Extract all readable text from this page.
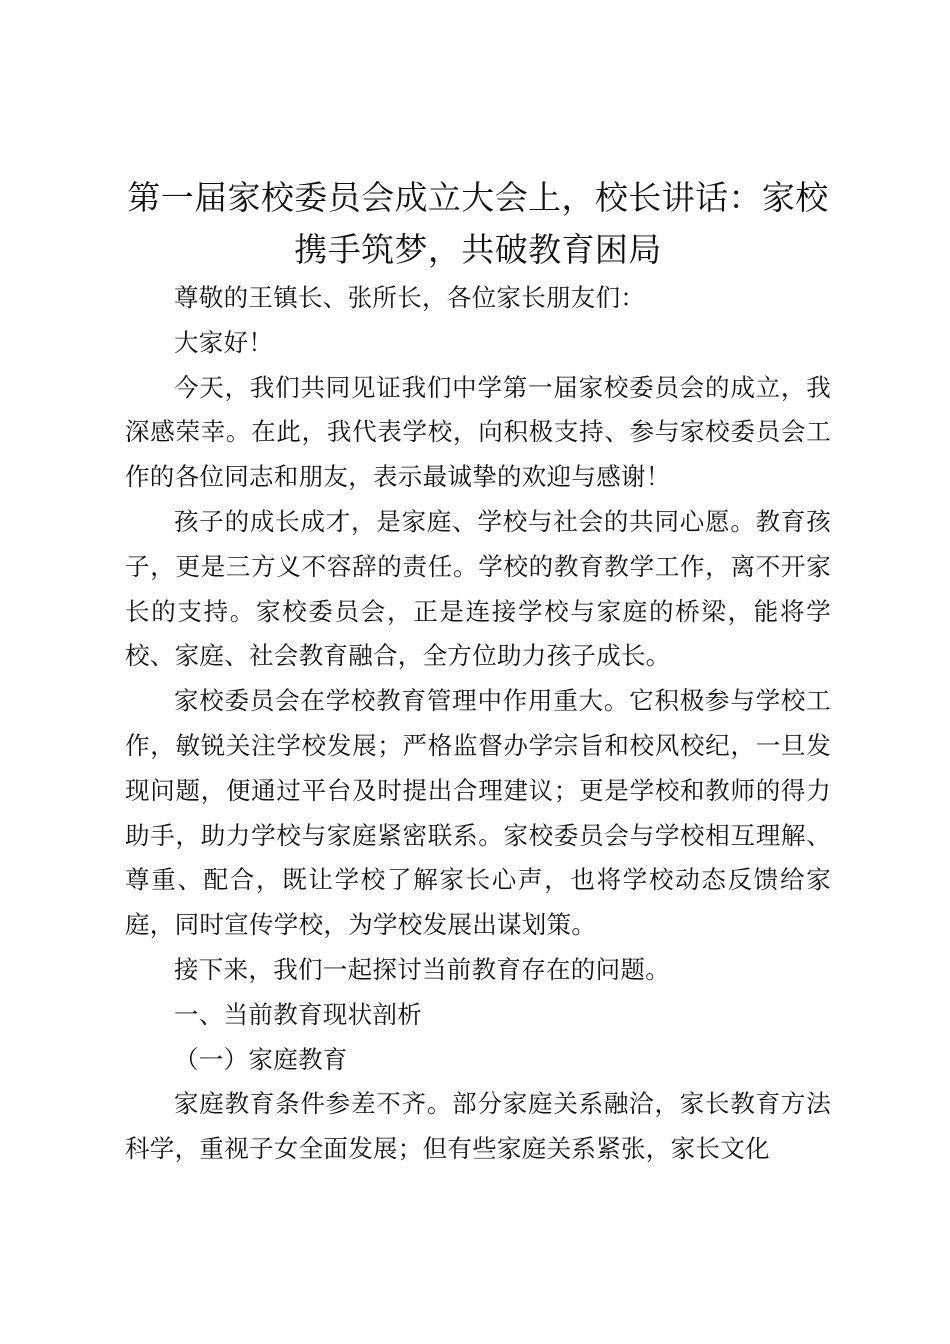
第一届家校委员会成立大会上，校长讲话：家校携手筑梦，共破教育困局

尊敬的王镇长、张所长，各位家长朋友们：

大家好！

今天，我们共同见证我们中学第一届家校委员会的成立，我深感荣幸。在此，我代表学校，向积极支持、参与家校委员会工作的各位同志和朋友，表示最诚挚的欢迎与感谢！

孩子的成长成才，是家庭、学校与社会的共同心愿。教育孩子，更是三方义不容辞的责任。学校的教育教学工作，离不开家长的支持。家校委员会，正是连接学校与家庭的桥梁，能将学校、家庭、社会教育融合，全方位助力孩子成长。

家校委员会在学校教育管理中作用重大。它积极参与学校工作，敏锐关注学校发展；严格监督办学宗旨和校风校纪，一旦发现问题，便通过平台及时提出合理建议；更是学校和教师的得力助手，助力学校与家庭紧密联系。家校委员会与学校相互理解、尊重、配合，既让学校了解家长心声，也将学校动态反馈给家庭，同时宣传学校，为学校发展出谋划策。

接下来，我们一起探讨当前教育存在的问题。

一、当前教育现状剖析

（一）家庭教育

家庭教育条件参差不齐。部分家庭关系融洽，家长教育方法科学，重视子女全面发展；但有些家庭关系紧张，家长文化
